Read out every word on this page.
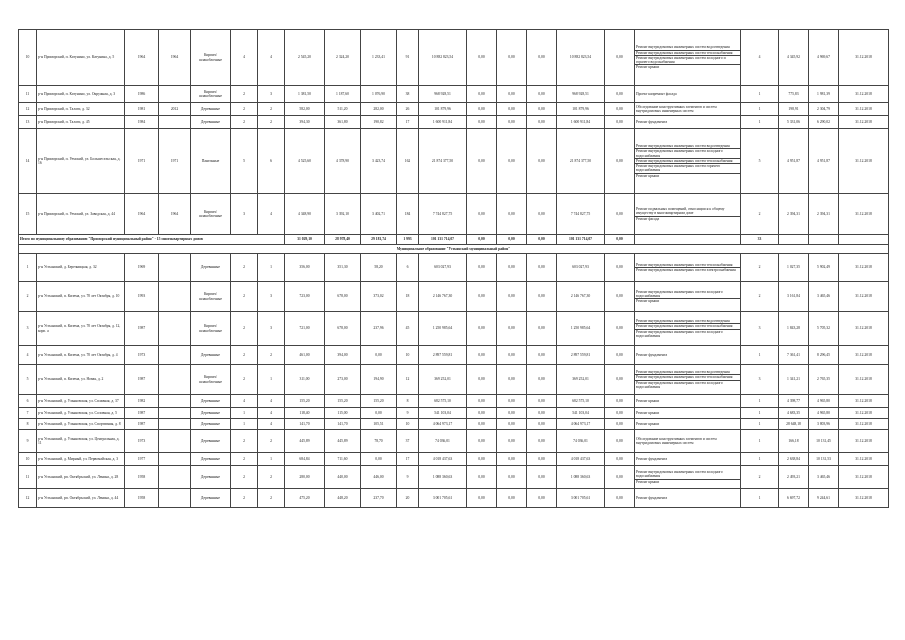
10	р-н Приморский, п. Катунино, ул. Катунина, д. 5	1964	1964	Кирпич/ шлакоблочные	4	4	2 545,20	2 324,20	1 233,41	91	10 882 823,54	0,00	0,00	0,00	10 882 823,54	0,00	Ремонт внутридомовых инженерных систем водоотведения
Ремонт внутридомовых инженерных систем теплоснабжения
Ремонт внутридомовых инженерных систем холодного и горячего водоснабжения
Ремонт крыши	4	4 345,92	4 969,67	31.12.2018
11	р-н Приморский, п. Катунино, ул. Окружная, д. 3	1986		Кирпич/ шлакоблочные	2	3	1 381,50	1 187,60	1 076,90	38	968 928,51	0,00	0,00	0,00	968 928,51	0,00	Проект капремонт фасада	1	775,83	1 981,39	31.12.2018
12	р-н Приморский, п. Талаги, д. 32	1981	2012	Деревянные	2	2	582,00	511,20	282,00	26	101 879,96	0,00	0,00	0,00	101 879,96	0,00	Обследование конструктивных элементов и систем внутридомовых инженерных систем	1	198,91	2 304,79	31.12.2018
13	р-н Приморский, п. Талаги, д. 45	1984		Деревянные	2	2	394,30	361,80	190,82	17	1 600 911,84	0,00	0,00	0,00	1 600 911,84	0,00	Ремонт фундамента	1	5 331,06	6 290,02	31.12.2018
14	р-н Приморский, п. Уемский, ул. Большесельская, д. 16	1971	1971	Панельные	5	6	4 525,60	4 378,90	3 423,74	162	21 874 377,50	0,00	0,00	0,00	21 874 377,50	0,00	Ремонт внутридомовых инженерных систем водоотведения
Ремонт внутридомовых инженерных систем холодного водоснабжения
Ремонт внутридомовых инженерных систем теплоснабжения
Ремонт внутридомовых инженерных систем горячего водоснабжения
Ремонт крыши	5	4 951,87	4 951,87	31.12.2018
15	р-н Приморский, п. Уемский, ул. Заводская, д. 44	1964	1964	Кирпич/ шлакоблочные	3	4	4 348,90	3 392,10	3 402,71	184	7 744 827,75	0,00	0,00	0,00	7 744 827,75	0,00	Ремонт подвальных помещений, относящихся к общему имуществу в многоквартирном доме
Ремонт фасада	2	2 394,31	2 394,31	31.12.2018
Итого по муниципальному образованию "Приморский муниципальный район" - 15 многоквартирных домов							31 029,10	28 978,40	29 181,74	1 993	101 131 714,07	0,00	0,00	0,00	101 131 714,07	0,00		33			
Муниципальное образование "Устьянский муниципальный район"																					
1	р-н Устьянский, д. Березницкая, д. 32	1969		Деревянные	2	1	356,00	351,30	58,20	6	603 027,93	0,00	0,00	0,00	603 027,93	0,00	Ремонт внутридомовых инженерных систем теплоснабжения
Ремонт внутридомовых инженерных систем электроснабжения	2	1 027,35	5 902,49	31.12.2018
2	р-н Устьянский, п. Кизема, ул. 70 лет Октября, д. 10	1993		Кирпич/ шлакоблочные	2	3	723,00	678,00	373,02	18	2 146 767,30	0,00	0,00	0,00	2 146 767,30	0,00	Ремонт внутридомовых инженерных систем холодного водоснабжения
Ремонт крыши	2	3 161,84	3 465,46	31.12.2018
3	р-н Устьянский, п. Кизема, ул. 70 лет Октября, д. 12, корп. а	1987		Кирпич/ шлакоблочные	2	3	721,00	678,00	237,96	45	1 250 985,64	0,00	0,00	0,00	1 250 985,64	0,00	Ремонт внутридомовых инженерных систем водоотведения
Ремонт внутридомовых инженерных систем теплоснабжения
Ремонт внутридомовых инженерных систем холодного водоснабжения	3	1 843,28	5 705,32	31.12.2018
4	р-н Устьянский, п. Кизема, ул. 70 лет Октября, д. 4	1973		Деревянные	2	2	461,00	394,00	0,00	10	2 897 559,81	0,00	0,00	0,00	2 897 559,81	0,00	Ремонт фундамента	1	7 361,41	8 296,45	31.12.2018
5	р-н Устьянский, п. Кизема, ул. Новая, д. 2	1987		Кирпич/ шлакоблочные	2	1	311,00	273,00	194,90	12	369 252,01	0,00	0,00	0,00	369 252,01	0,00	Ремонт внутридомовых инженерных систем водоотведения
Ремонт внутридомовых инженерных систем теплоснабжения
Ремонт внутридомовых инженерных систем холодного водоснабжения	3	1 341,21	2 765,35	31.12.2018
6	р-н Устьянский, д. Ульяновская, ул. Сплавная, д. 37	1982		Деревянные	4	4	155,20	155,20	155,20	8	682 575,10	0,00	0,00	0,00	682 575,10	0,00	Ремонт крыши	1	4 398,77	4 965,80	31.12.2018
7	р-н Устьянский, д. Ульяновская, ул. Соловная, д. 5	1987		Деревянные	1	4	118,40	115,00	0,00	9	541 103,04	0,00	0,00	0,00	541 103,04	0,00	Ремонт крыши	1	4 683,35	4 965,80	31.12.2018
8	р-н Устьянский, д. Ульяновская, ул. Спортивная, д. 8	1987		Деревянные	1	4	141,70	141,70	105,51	10	4 064 973,17	0,00	0,00	0,00	4 064 973,17	0,00	Ремонт крыши	1	28 648,18	3 803,96	31.12.2018
9	р-н Устьянский, д. Ульяновская, ул. Центральная, д. 11	1973		Деревянные	2	2	445,89	445,89	78,70	37	74 036,01	0,00	0,00	0,00	74 036,01	0,00	Обследование конструктивных элементов и систем внутридомовых инженерных систем	1	166,18	10 131,45	31.12.2018
10	р-н Устьянский, д. Мирный, ул. Первомайская, д. 3	1977		Деревянные	2	1	684,84	711,60	0,00	17	4 018 437,63	0,00	0,00	0,00	4 018 437,63	0,00	Ремонт фундамента	1	2 638,84	10 131,53	31.12.2018
11	р-н Устьянский, рп. Октябрьский, ул. Ленина, д. 28	1958		Деревянные	2	2	280,00	440,00	446,00	9	1 088 360,63	0,00	0,00	0,00	1 088 360,63	0,00	Ремонт внутридомовых инженерных систем холодного водоснабжения
Ремонт крыши	2	2 493,21	3 465,46	31.12.2018
12	р-н Устьянский, рп. Октябрьский, ул. Ленина, д. 44	1958		Деревянные	2	2	475,20	448,20	237,70	20	3 001 705,61	0,00	0,00	0,00	3 001 705,61	0,00	Ремонт фундамента	1	6 697,72	9 244,61	31.12.2018
